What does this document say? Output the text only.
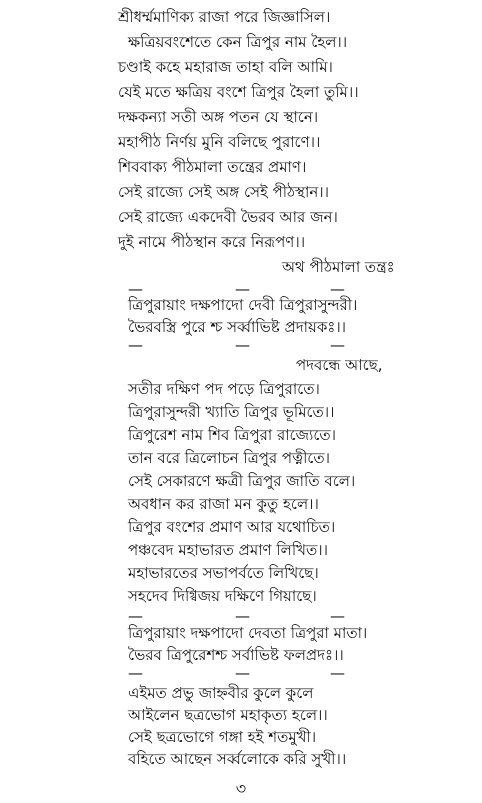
শ্রীধর্ম্মমাণিক্য রাজা পরে জিজ্ঞাসিল।
ক্ষত্রিয়বংশেতে কেন ত্রিপুর নাম হৈল।।
চণ্ডাই কহে মহারাজ তাহা বলি আমি।
যেই মতে ক্ষত্রিয় বংশে ত্রিপুর হৈলা তুমি।।
দক্ষকন্যা সতী অঙ্গ পতন যে স্থানে।
মহাপীঠ নির্ণয় মুনি বলিছে পুরাণে।।
শিববাক্য পীঠমালা তন্ত্রের প্রমাণ।
সেই রাজ্যে সেই অঙ্গ সেই পীঠস্থান।।
সেই রাজ্যে একদেবী ভৈরব আর জন।
দুই নামে পীঠস্থান করে নিরূপণ।।
অথ পীঠমালা তন্ত্রঃ
—	—	—
ত্রিপুরায়াং দক্ষপাদো দেবী ত্রিপুরাসুন্দরী।
ভৈরবস্ত্রি পুরে শ্চ সর্ব্বাভিষ্ট প্রদায়কঃ।।
—	—	—
পদবন্ধে আছে,
সতীর দক্ষিণ পদ পড়ে ত্রিপুরাতে।
ত্রিপুরাসুন্দরী খ্যাতি ত্রিপুর ভূমিতে।।
ত্রিপুরেশ নাম শিব ত্রিপুরা রাজ্যেতে।
তান বরে ত্রিলোচন ত্রিপুর পত্নীতে।
সেই সেকারণে ক্ষত্রী ত্রিপুর জাতি বলে।
অবধান কর রাজা মন কুতু হলে।।
ত্রিপুর বংশের প্রমাণ আর যথোচিত।
পঞ্চবেদ মহাভারত প্রমাণ লিখিত।।
মহাভারতের সভাপর্বতে লিখিছে।
সহদেব দিগ্বিজয় দক্ষিণে গিয়াছে।
—	—	—
ত্রিপুরায়াং দক্ষপাদো দেবতা ত্রিপুরা মাতা।
ভৈরব ত্রিপুরেশশ্চ সর্বাভিষ্ট ফলপ্রদঃ।।
—	—	—
এইমত প্রভু জাহ্নবীর কুলে কুলে
আইলেন ছত্রভোগ মহাকৃত্য হলে।।
সেই ছত্রভোগে গঙ্গা হই শতমুখী।
বহিতে আছেন সর্ব্বলোকে করি সুখী।।
৩
